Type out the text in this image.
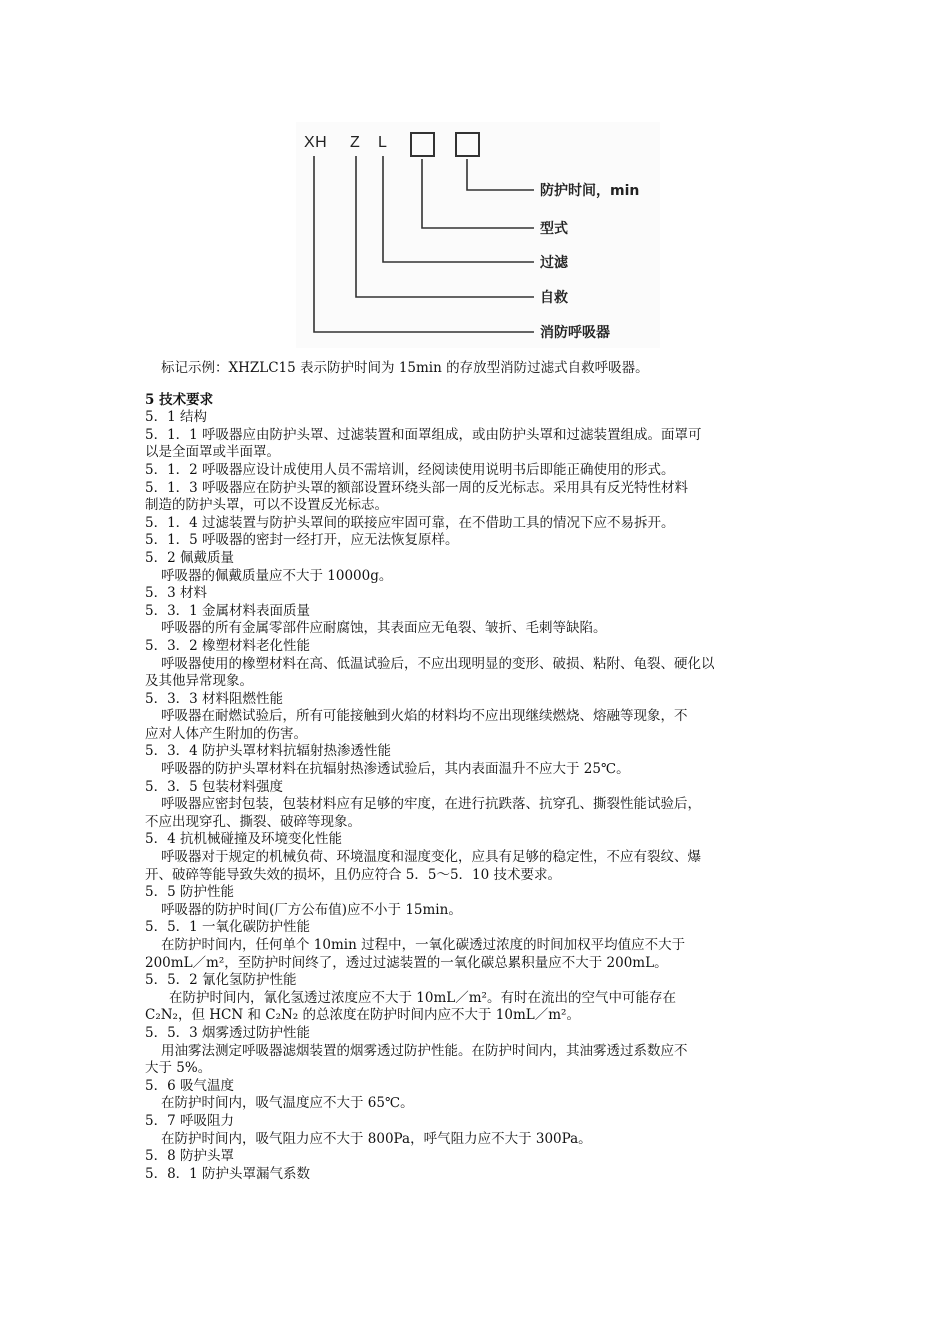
XH Z L
防护时间，min
型式
过滤
自救
消防呼吸器
标记示例：XHZLC15 表示防护时间为 15min 的存放型消防过滤式自救呼吸器。
5 技术要求
5．1 结构
5．1．1 呼吸器应由防护头罩、过滤装置和面罩组成，或由防护头罩和过滤装置组成。面罩可
以是全面罩或半面罩。
5．1．2 呼吸器应设计成使用人员不需培训，经阅读使用说明书后即能正确使用的形式。
5．1．3 呼吸器应在防护头罩的额部设置环绕头部一周的反光标志。采用具有反光特性材料
制造的防护头罩，可以不设置反光标志。
5．1．4 过滤装置与防护头罩间的联接应牢固可靠，在不借助工具的情况下应不易拆开。
5．1．5 呼吸器的密封一经打开，应无法恢复原样。
5．2 佩戴质量
呼吸器的佩戴质量应不大于 10000g。
5．3 材料
5．3．1 金属材料表面质量
呼吸器的所有金属零部件应耐腐蚀，其表面应无龟裂、皱折、毛刺等缺陷。
5．3．2 橡塑材料老化性能
呼吸器使用的橡塑材料在高、低温试验后，不应出现明显的变形、破损、粘附、龟裂、硬化以
及其他异常现象。
5．3．3 材料阻燃性能
呼吸器在耐燃试验后，所有可能接触到火焰的材料均不应出现继续燃烧、熔融等现象，不
应对人体产生附加的伤害。
5．3．4 防护头罩材料抗辐射热渗透性能
呼吸器的防护头罩材料在抗辐射热渗透试验后，其内表面温升不应大于 25℃。
5．3．5 包装材料强度
呼吸器应密封包装，包装材料应有足够的牢度，在进行抗跌落、抗穿孔、撕裂性能试验后，
不应出现穿孔、撕裂、破碎等现象。
5．4 抗机械碰撞及环境变化性能
呼吸器对于规定的机械负荷、环境温度和湿度变化，应具有足够的稳定性，不应有裂纹、爆
开、破碎等能导致失效的损坏，且仍应符合 5．5～5．10 技术要求。
5．5 防护性能
呼吸器的防护时间(厂方公布值)应不小于 15min。
5．5．1 一氧化碳防护性能
在防护时间内，任何单个 10min 过程中，一氧化碳透过浓度的时间加权平均值应不大于
200mL／m²，至防护时间终了，透过过滤装置的一氧化碳总累积量应不大于 200mL。
5．5．2 氰化氢防护性能
在防护时间内，氰化氢透过浓度应不大于 10mL／m²。有时在流出的空气中可能存在
C₂N₂，但 HCN 和 C₂N₂ 的总浓度在防护时间内应不大于 10mL／m²。
5．5．3 烟雾透过防护性能
用油雾法测定呼吸器滤烟装置的烟雾透过防护性能。在防护时间内，其油雾透过系数应不
大于 5%。
5．6 吸气温度
在防护时间内，吸气温度应不大于 65℃。
5．7 呼吸阻力
在防护时间内，吸气阻力应不大于 800Pa，呼气阻力应不大于 300Pa。
5．8 防护头罩
5．8．1 防护头罩漏气系数
